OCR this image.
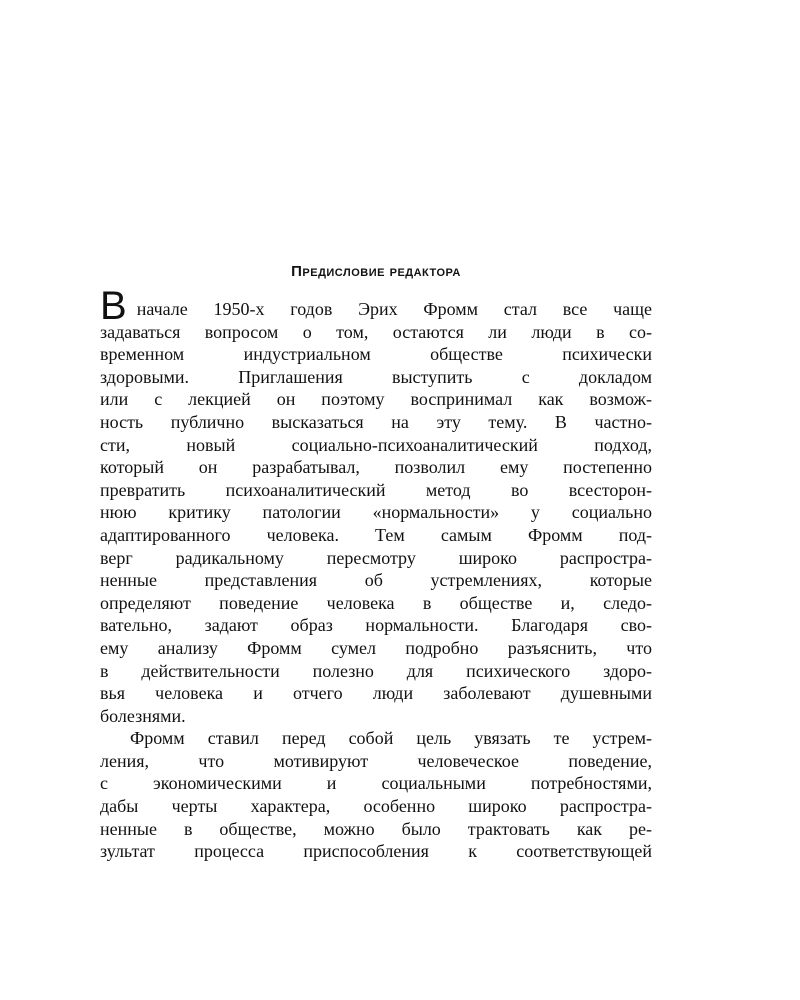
Предисловие редактора
В начале 1950-х годов Эрих Фромм стал все чаще
задаваться вопросом о том, остаются ли люди в со-
временном индустриальном обществе психически
здоровыми. Приглашения выступить с докладом
или с лекцией он поэтому воспринимал как возмож-
ность публично высказаться на эту тему. В частно-
сти, новый социально-психоаналитический подход,
который он разрабатывал, позволил ему постепенно
превратить психоаналитический метод во всесторон-
нюю критику патологии «нормальности» у социально
адаптированного человека. Тем самым Фромм под-
верг радикальному пересмотру широко распростра-
ненные представления об устремлениях, которые
определяют поведение человека в обществе и, следо-
вательно, задают образ нормальности. Благодаря сво-
ему анализу Фромм сумел подробно разъяснить, что
в действительности полезно для психического здоро-
вья человека и отчего люди заболевают душевными
болезнями.
Фромм ставил перед собой цель увязать те устрем-
ления, что мотивируют человеческое поведение,
с экономическими и социальными потребностями,
дабы черты характера, особенно широко распростра-
ненные в обществе, можно было трактовать как ре-
зультат процесса приспособления к соответствующей
